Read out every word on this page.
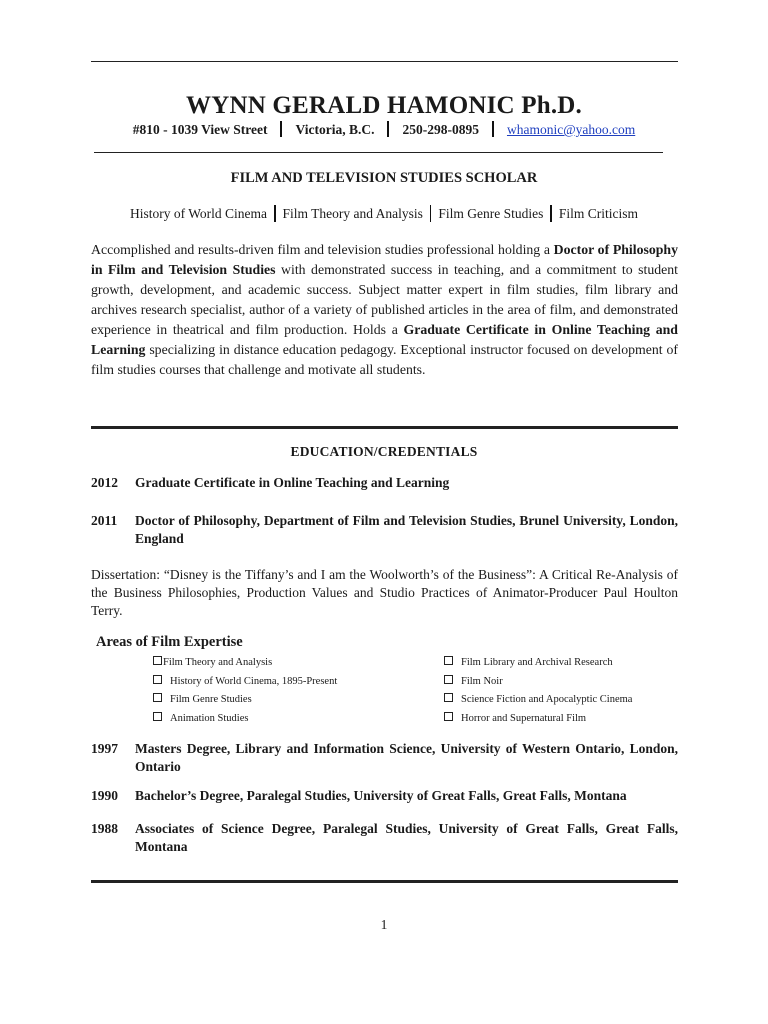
WYNN GERALD HAMONIC Ph.D.
#810 - 1039 View Street Victoria, B.C. 250-298-0895 whamonic@yahoo.com
FILM AND TELEVISION STUDIES SCHOLAR
History of World Cinema Film Theory and Analysis Film Genre Studies Film Criticism
Accomplished and results-driven film and television studies professional holding a Doctor of Philosophy in Film and Television Studies with demonstrated success in teaching, and a commitment to student growth, development, and academic success. Subject matter expert in film studies, film library and archives research specialist, author of a variety of published articles in the area of film, and demonstrated experience in theatrical and film production. Holds a Graduate Certificate in Online Teaching and Learning specializing in distance education pedagogy. Exceptional instructor focused on development of film studies courses that challenge and motivate all students.
EDUCATION/CREDENTIALS
2012	Graduate Certificate in Online Teaching and Learning
2011	Doctor of Philosophy, Department of Film and Television Studies, Brunel University, London, England
Dissertation: “Disney is the Tiffany’s and I am the Woolworth’s of the Business”: A Critical Re-Analysis of the Business Philosophies, Production Values and Studio Practices of Animator-Producer Paul Houlton Terry.
Areas of Film Expertise
Film Theory and Analysis
History of World Cinema, 1895-Present
Film Genre Studies
Animation Studies
Film Library and Archival Research
Film Noir
Science Fiction and Apocalyptic Cinema
Horror and Supernatural Film
1997	Masters Degree, Library and Information Science, University of Western Ontario, London, Ontario
1990	Bachelor’s Degree, Paralegal Studies, University of Great Falls, Great Falls, Montana
1988	Associates of Science Degree, Paralegal Studies, University of Great Falls, Great Falls, Montana
1
